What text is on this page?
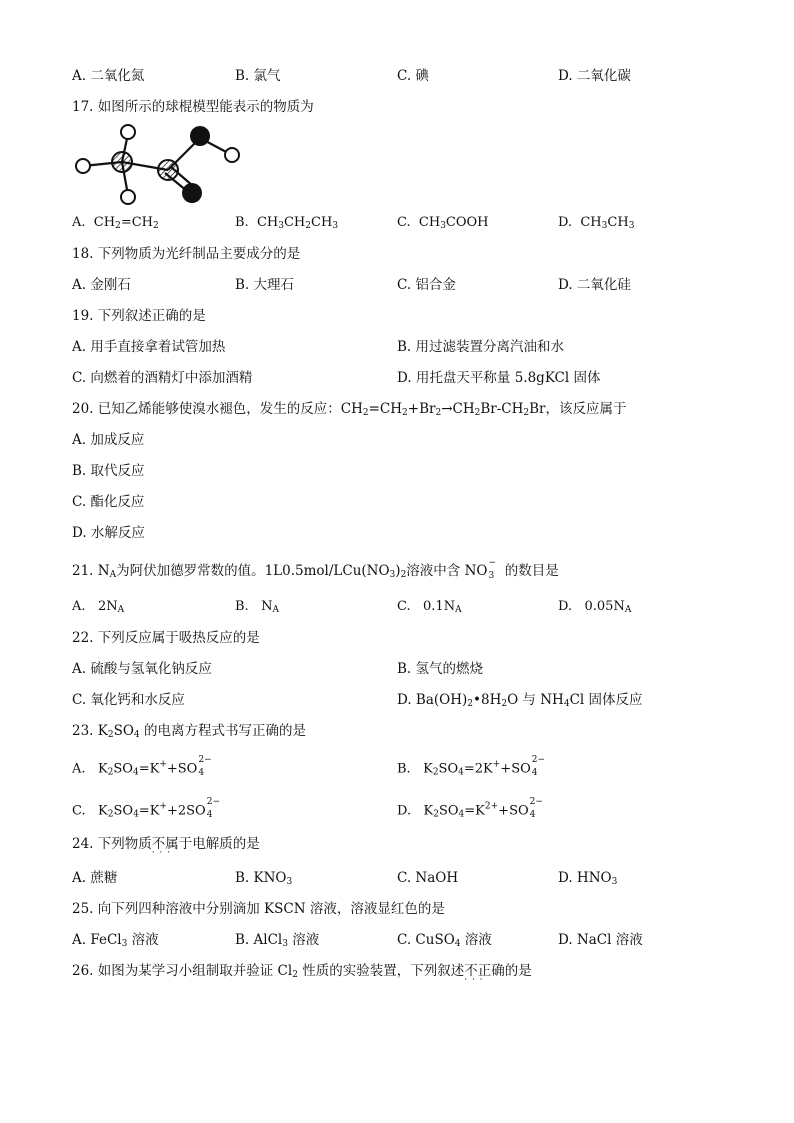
A. 二氧化氮	B. 氯气	C. 碘	D. 二氧化碳
17. 如图所示的球棍模型能表示的物质为
A. $CH_2=CH_2$	B. $CH_3CH_2CH_3$	C. $CH_3COOH$	D. $CH_3CH_3$
18. 下列物质为光纤制品主要成分的是
A. 金刚石	B. 大理石	C. 铝合金	D. 二氧化硅
19. 下列叙述正确的是
A. 用手直接拿着试管加热	B. 用过滤装置分离汽油和水
C. 向燃着的酒精灯中添加酒精	D. 用托盘天平称量 5.8gKCl 固体
20. 已知乙烯能够使溴水褪色，发生的反应：$CH_2=CH_2+Br_2\to CH_2Br-CH_2Br$，该反应属于
A. 加成反应
B. 取代反应
C. 酯化反应
D. 水解反应
21. $N_A$为阿伏加德罗常数的值。$1L0.5mol/LCu(NO_3)_2$溶液中含 NO
−
3 的数目是
A. $2N_A$	B. $N_A$	C. $0.1N_A$	D. $0.05N_A$
22. 下列反应属于吸热反应的是
A. 硫酸与氢氧化钠反应	B. 氢气的燃烧
C. 氧化钙和水反应	D. $Ba(OH)_2•8H_2O$ 与 $NH_4Cl$ 固体反应
23. $K_2SO_4$ 的电离方程式书写正确的是
A. $K_2SO_4=K^++SO$
2−
4	B. $K_2SO_4=2K^++SO$
2−
4
C. $K_2SO_4=K^++2SO$
2−
4	D. $K_2SO_4=K^{2+}+SO$
2−
4
24. 下列物质不属于 · · ·电解质的是
A. 蔗糖	B. $KNO_3$	C. NaOH	D. $HNO_3$
25. 向下列四种溶液中分别滴加 KSCN 溶液，溶液显红色的是
A. FeCl$_3$ 溶液	B. AlCl$_3$ 溶液	C. CuSO$_4$ 溶液	D. NaCl 溶液
26. 如图为某学习小组制取并验证 $Cl_2$ 性质的实验装置，下列叙述不正确 · · ·的是
